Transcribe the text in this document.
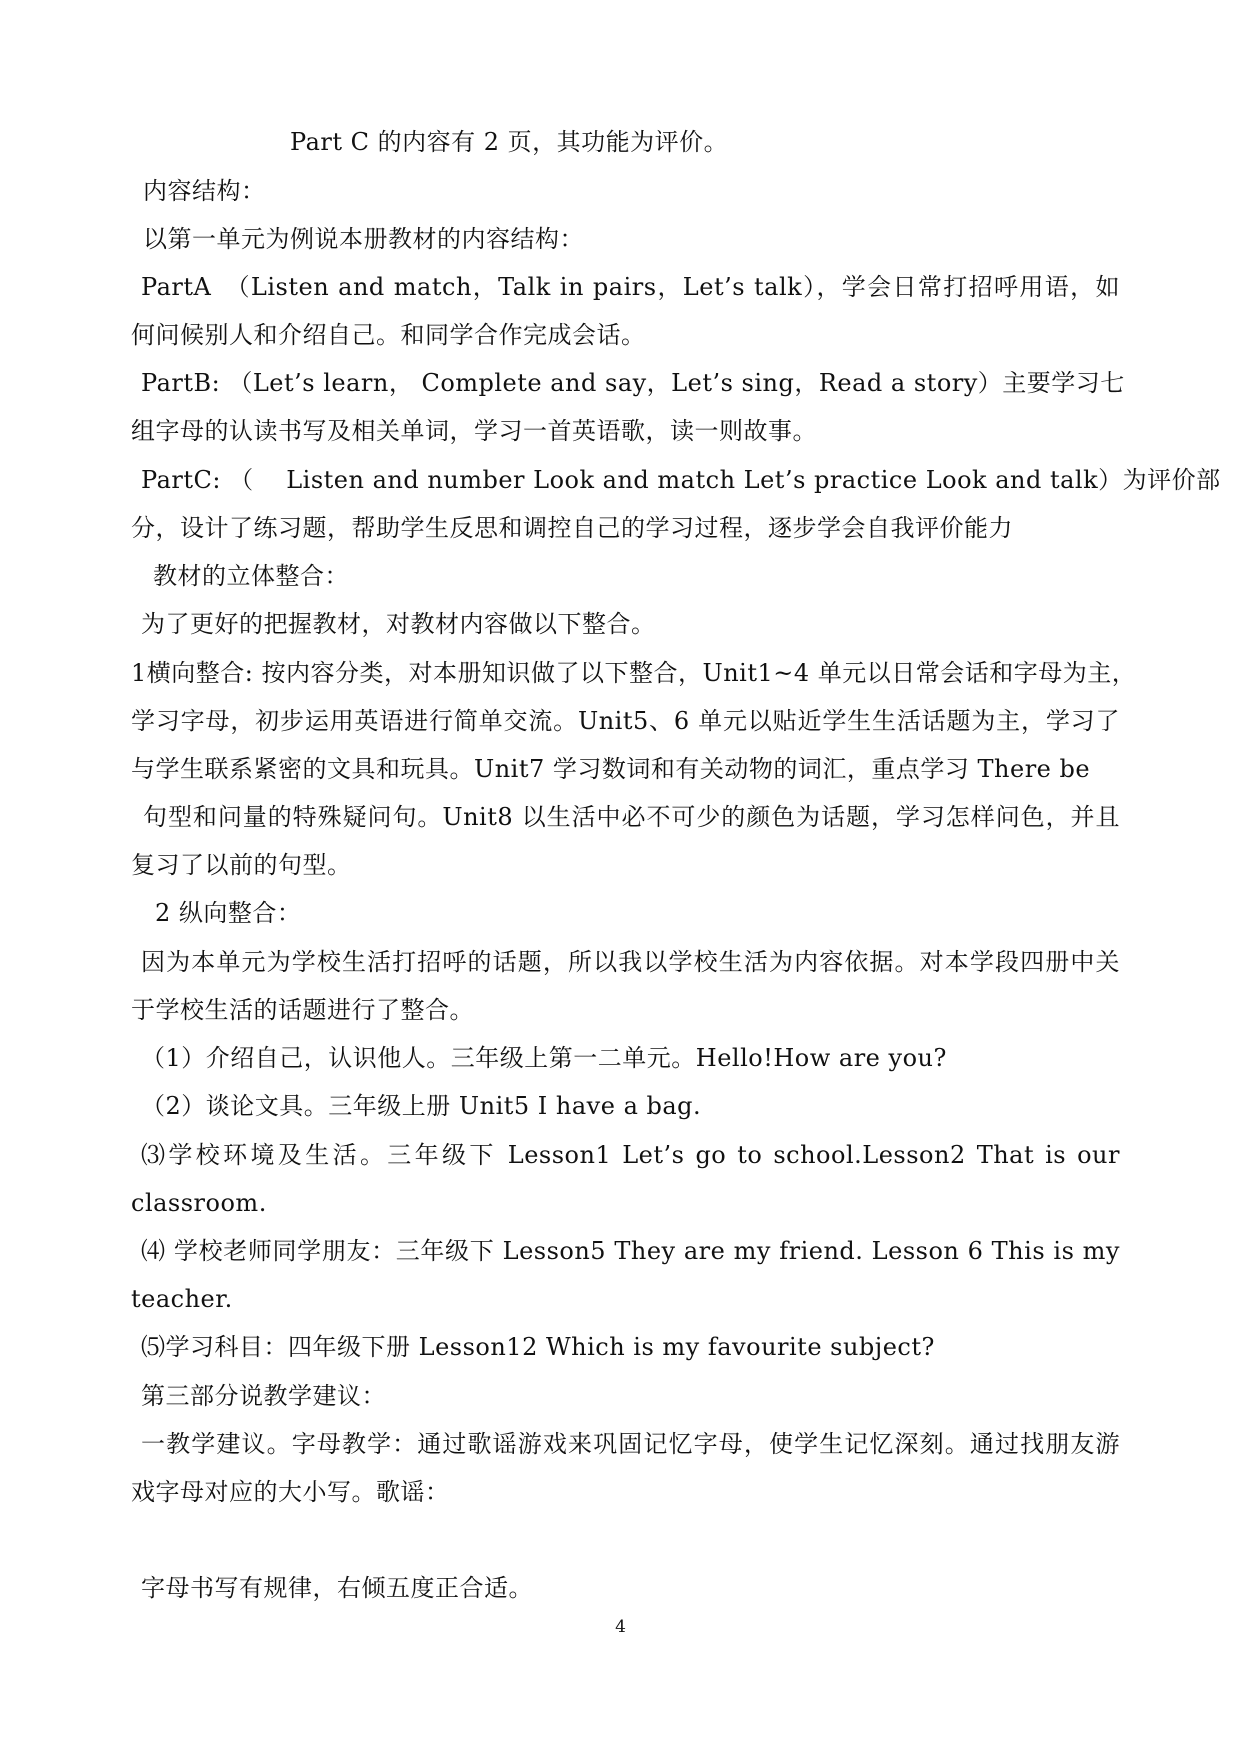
Part C 的内容有 2 页，其功能为评价。
内容结构：
以第一单元为例说本册教材的内容结构：
PartA　（Listen and match，Talk in pairs，Let’s talk），学会日常打招呼用语，如
何问候别人和介绍自己。和同学合作完成会话。
PartB: （Let’s learn， Complete and say，Let’s sing，Read a story）主要学习七
组字母的认读书写及相关单词，学习一首英语歌，读一则故事。
PartC: （　 Listen and number Look and match Let’s practice Look and talk）为评价部
分，设计了练习题，帮助学生反思和调控自己的学习过程，逐步学会自我评价能力
教材的立体整合：
为了更好的把握教材，对教材内容做以下整合。
1横向整合: 按内容分类，对本册知识做了以下整合，Unit1~4 单元以日常会话和字母为主，
学习字母，初步运用英语进行简单交流。Unit5、6 单元以贴近学生生活话题为主，学习了
与学生联系紧密的文具和玩具。Unit7 学习数词和有关动物的词汇，重点学习 There be
句型和问量的特殊疑问句。Unit8 以生活中必不可少的颜色为话题，学习怎样问色，并且
复习了以前的句型。
2 纵向整合：
因为本单元为学校生活打招呼的话题，所以我以学校生活为内容依据。对本学段四册中关
于学校生活的话题进行了整合。
（1）介绍自己，认识他人。三年级上第一二单元。Hello!How are you?
（2）谈论文具。三年级上册 Unit5 I have a bag.
⑶学校环境及生活。三年级下 Lesson1 Let’s go to school.Lesson2 That is our
classroom.
⑷ 学校老师同学朋友：三年级下 Lesson5 They are my friend. Lesson 6 This is my
teacher.
⑸学习科目：四年级下册 Lesson12 Which is my favourite subject?
第三部分说教学建议：
一教学建议。字母教学：通过歌谣游戏来巩固记忆字母，使学生记忆深刻。通过找朋友游
戏字母对应的大小写。歌谣：
字母书写有规律，右倾五度正合适。
4
